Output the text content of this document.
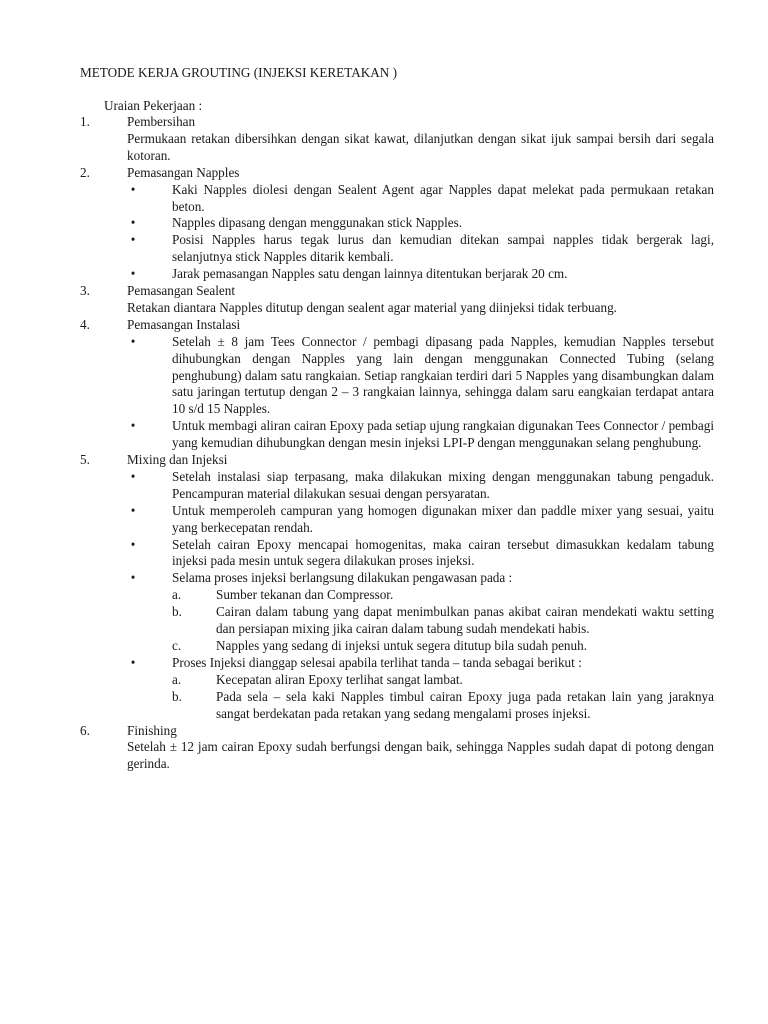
METODE KERJA GROUTING (INJEKSI KERETAKAN )
Uraian Pekerjaan :
1.	Pembersihan
Permukaan retakan dibersihkan dengan sikat kawat, dilanjutkan dengan sikat ijuk sampai bersih dari segala kotoran.
2.	Pemasangan Napples
•	Kaki Napples diolesi dengan Sealent Agent agar Napples dapat melekat pada permukaan retakan beton.
•	Napples dipasang dengan menggunakan stick Napples.
•	Posisi Napples harus tegak lurus dan kemudian ditekan sampai napples tidak bergerak lagi, selanjutnya stick Napples ditarik kembali.
•	Jarak pemasangan Napples satu dengan lainnya ditentukan berjarak 20 cm.
3.	Pemasangan Sealent
Retakan diantara Napples ditutup dengan sealent agar material yang diinjeksi tidak terbuang.
4.	Pemasangan Instalasi
•	Setelah ± 8 jam Tees Connector / pembagi dipasang pada Napples, kemudian Napples tersebut dihubungkan dengan Napples yang lain dengan menggunakan Connected Tubing (selang penghubung) dalam satu rangkaian. Setiap rangkaian terdiri dari 5 Napples yang disambungkan dalam satu jaringan tertutup dengan 2 – 3 rangkaian lainnya, sehingga dalam saru eangkaian terdapat antara 10 s/d 15 Napples.
•	Untuk membagi aliran cairan Epoxy pada setiap ujung rangkaian digunakan Tees Connector / pembagi yang kemudian dihubungkan dengan mesin injeksi LPI-P dengan menggunakan selang penghubung.
5.	Mixing dan Injeksi
•	Setelah instalasi siap terpasang, maka dilakukan mixing dengan menggunakan tabung pengaduk. Pencampuran material dilakukan sesuai dengan persyaratan.
•	Untuk memperoleh campuran yang homogen digunakan mixer dan paddle mixer yang sesuai, yaitu yang berkecepatan rendah.
•	Setelah cairan Epoxy mencapai homogenitas, maka cairan tersebut dimasukkan kedalam tabung injeksi pada mesin untuk segera dilakukan proses injeksi.
•	Selama proses injeksi berlangsung dilakukan pengawasan pada :
a.	Sumber tekanan dan Compressor.
b.	Cairan dalam tabung yang dapat menimbulkan panas akibat cairan mendekati waktu setting dan persiapan mixing jika cairan dalam tabung sudah mendekati habis.
c.	Napples yang sedang di injeksi untuk segera ditutup bila sudah penuh.
•	Proses Injeksi dianggap selesai apabila terlihat tanda – tanda sebagai berikut :
a.	Kecepatan aliran Epoxy terlihat sangat lambat.
b.	Pada sela – sela kaki Napples timbul cairan Epoxy juga pada retakan lain yang jaraknya sangat berdekatan pada retakan yang sedang mengalami proses injeksi.
6.	Finishing
Setelah ± 12 jam cairan Epoxy sudah berfungsi dengan baik, sehingga Napples sudah dapat di potong dengan gerinda.
